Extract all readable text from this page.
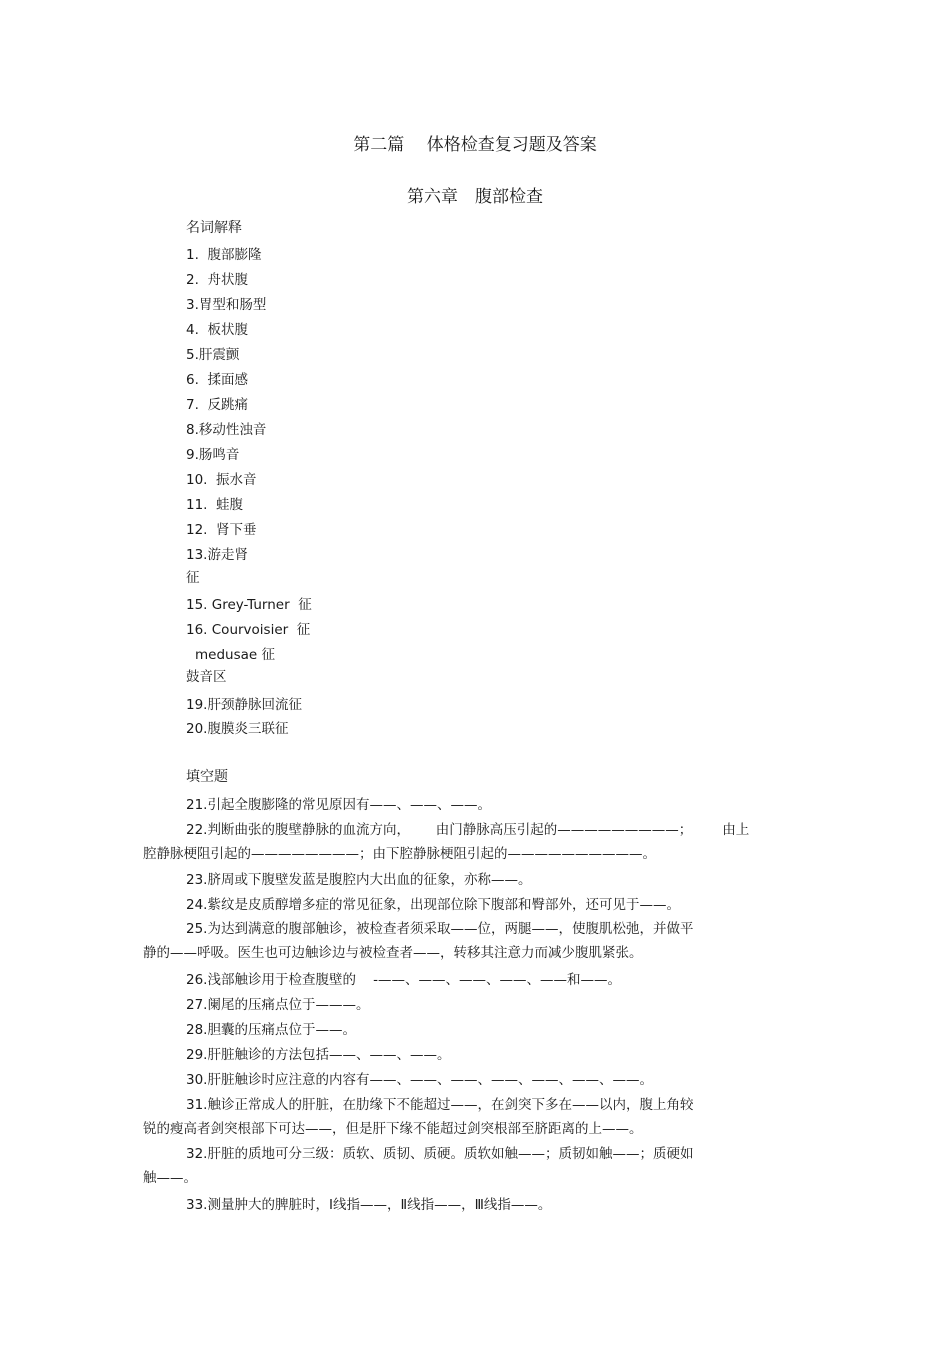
第二篇　 体格检查复习题及答案
第六章　腹部检查
名词解释
1.  腹部膨隆
2.  舟状腹
3.胃型和肠型
4.  板状腹
5.肝震颤
6.  揉面感
7.  反跳痛
8.移动性浊音
9.肠鸣音
10.  振水音
11.  蛙腹
12.  肾下垂
13.游走肾
征
15. Grey-Turner  征
16. Courvoisier  征
medusae 征
鼓音区
19.肝颈静脉回流征
20.腹膜炎三联征
填空题
21.引起全腹膨隆的常见原因有——、——、——。
22.判断曲张的腹壁静脉的血流方向，      由门静脉高压引起的—————————；       由上
腔静脉梗阻引起的————————；由下腔静脉梗阻引起的——————————。
23.脐周或下腹壁发蓝是腹腔内大出血的征象，亦称——。
24.紫纹是皮质醇增多症的常见征象，出现部位除下腹部和臀部外，还可见于——。
25.为达到满意的腹部触诊，被检查者须采取——位，两腿——，使腹肌松弛，并做平
静的——呼吸。医生也可边触诊边与被检查者——，转移其注意力而减少腹肌紧张。
26.浅部触诊用于检查腹壁的    -——、——、——、——、——和——。
27.阑尾的压痛点位于———。
28.胆囊的压痛点位于——。
29.肝脏触诊的方法包括——、——、——。
30.肝脏触诊时应注意的内容有——、——、——、——、——、——、——。
31.触诊正常成人的肝脏，在肋缘下不能超过——，在剑突下多在——以内，腹上角较
锐的瘦高者剑突根部下可达——，但是肝下缘不能超过剑突根部至脐距离的上——。
32.肝脏的质地可分三级：质软、质韧、质硬。质软如触——；质韧如触——；质硬如
触——。
33.测量肿大的脾脏时，Ⅰ线指——，Ⅱ线指——，Ⅲ线指——。
